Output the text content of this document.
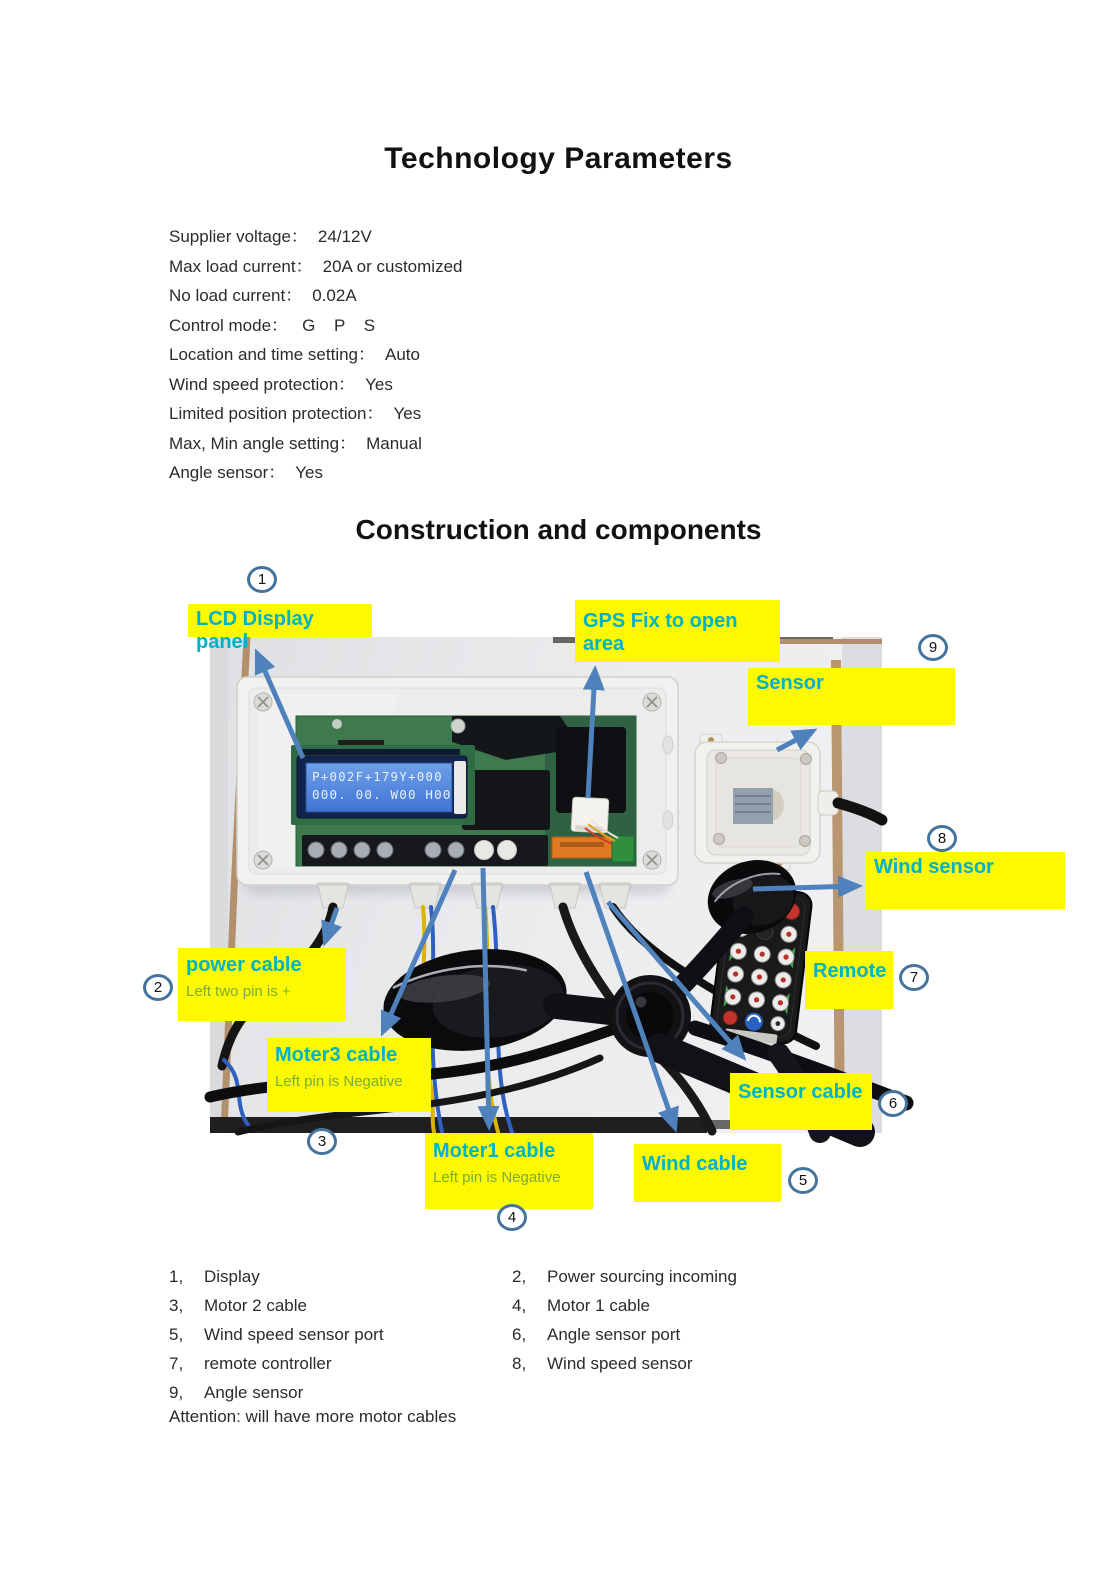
Technology Parameters
Supplier voltage： 24/12V
Max load current： 20A or customized
No load current： 0.02A
Control mode： G P S
Location and time setting： Auto
Wind speed protection： Yes
Limited position protection： Yes
Max, Min angle setting： Manual
Angle sensor： Yes
Construction and components
P+002F+179Y+000
000. 00. W00 H00
LCD Display panel
GPS Fix to open area
Sensor
Wind sensor
Remote
power cable
Left two pin is +
Moter3 cable
Left pin is Negative
Moter1 cable
Left pin is Negative
Wind cable
Sensor cable
1
2
3
4
5
6
7
8
9
1, Display
3, Motor 2 cable
5, Wind speed sensor port
7, remote controller
9, Angle sensor
2, Power sourcing incoming
4, Motor 1 cable
6, Angle sensor port
8, Wind speed sensor
Attention: will have more motor cables
